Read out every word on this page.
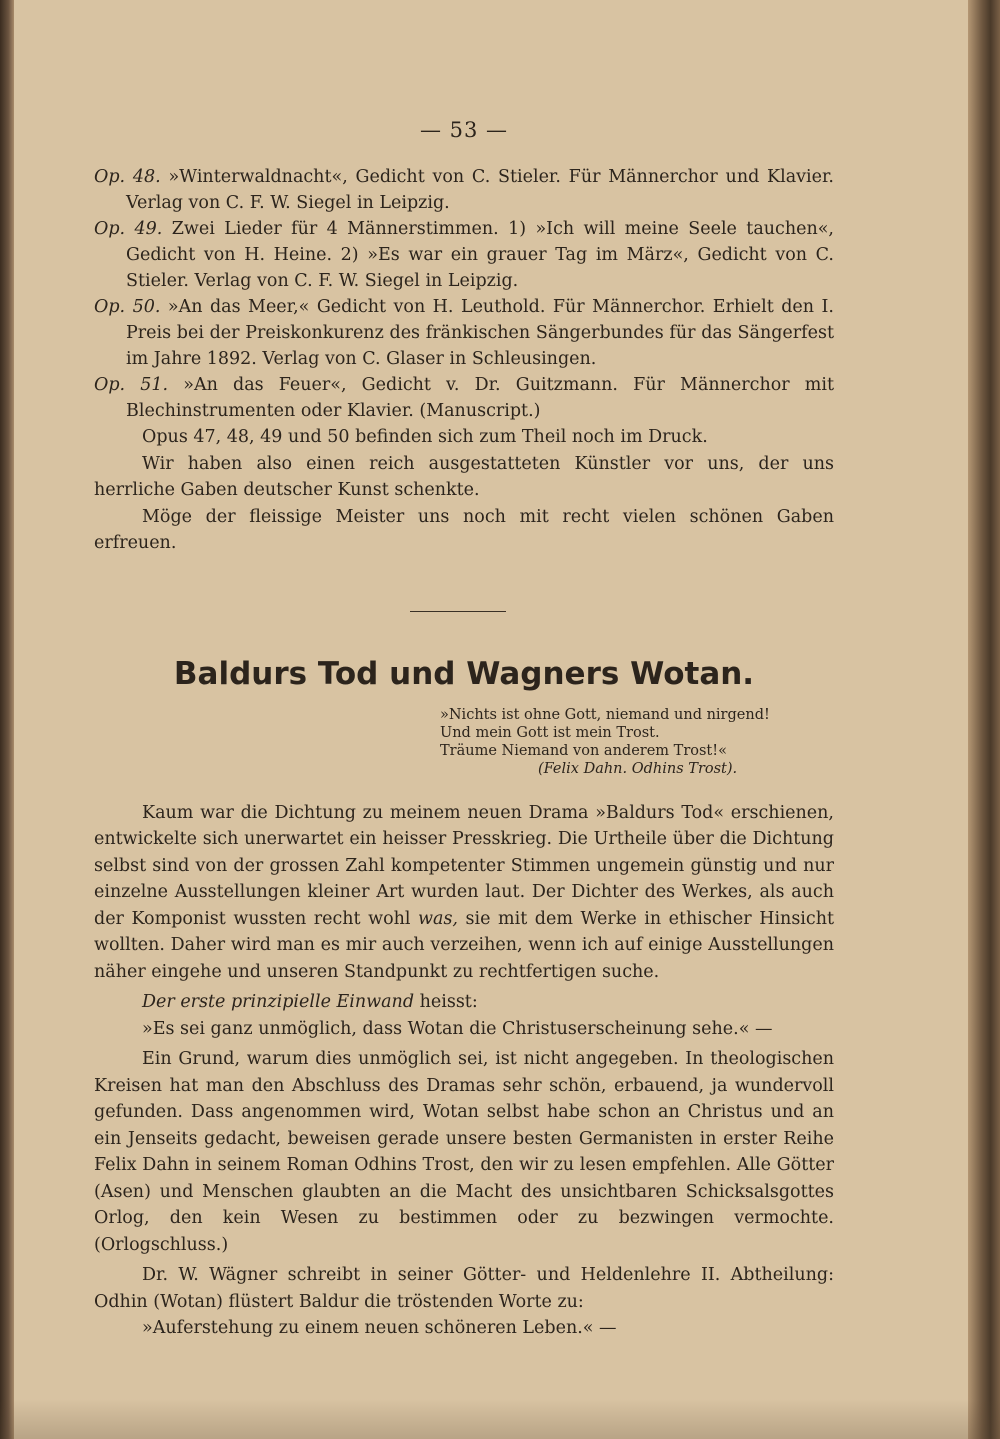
— 53 —

Op. 48. »Winterwaldnacht«, Gedicht von C. Stieler. Für Männerchor und Klavier. Verlag von C. F. W. Siegel in Leipzig.

Op. 49. Zwei Lieder für 4 Männerstimmen. 1) »Ich will meine Seele tauchen«, Gedicht von H. Heine. 2) »Es war ein grauer Tag im März«, Gedicht von C. Stieler. Verlag von C. F. W. Siegel in Leipzig.

Op. 50. »An das Meer,« Gedicht von H. Leuthold. Für Männerchor. Erhielt den I. Preis bei der Preiskonkurenz des fränkischen Sängerbundes für das Sängerfest im Jahre 1892. Verlag von C. Glaser in Schleusingen.

Op. 51. »An das Feuer«, Gedicht v. Dr. Guitzmann. Für Männerchor mit Blechinstrumenten oder Klavier. (Manuscript.)

Opus 47, 48, 49 und 50 befinden sich zum Theil noch im Druck.

Wir haben also einen reich ausgestatteten Künstler vor uns, der uns herrliche Gaben deutscher Kunst schenkte.

Möge der fleissige Meister uns noch mit recht vielen schönen Gaben erfreuen.

Baldurs Tod und Wagners Wotan.
»Nichts ist ohne Gott, niemand und nirgend!
Und mein Gott ist mein Trost.
Träume Niemand von anderem Trost!«
(Felix Dahn. Odhins Trost).

Kaum war die Dichtung zu meinem neuen Drama »Baldurs Tod« erschienen, entwickelte sich unerwartet ein heisser Presskrieg. Die Urtheile über die Dichtung selbst sind von der grossen Zahl kompetenter Stimmen ungemein günstig und nur einzelne Ausstellungen kleiner Art wurden laut. Der Dichter des Werkes, als auch der Komponist wussten recht wohl was, sie mit dem Werke in ethischer Hinsicht wollten. Daher wird man es mir auch verzeihen, wenn ich auf einige Ausstellungen näher eingehe und unseren Standpunkt zu rechtfertigen suche.

Der erste prinzipielle Einwand heisst:

»Es sei ganz unmöglich, dass Wotan die Christuserscheinung sehe.« —

Ein Grund, warum dies unmöglich sei, ist nicht angegeben. In theologischen Kreisen hat man den Abschluss des Dramas sehr schön, erbauend, ja wundervoll gefunden. Dass angenommen wird, Wotan selbst habe schon an Christus und an ein Jenseits gedacht, beweisen gerade unsere besten Germanisten in erster Reihe Felix Dahn in seinem Roman Odhins Trost, den wir zu lesen empfehlen. Alle Götter (Asen) und Menschen glaubten an die Macht des unsichtbaren Schicksalsgottes Orlog, den kein Wesen zu bestimmen oder zu bezwingen vermochte. (Orlogschluss.)

Dr. W. Wägner schreibt in seiner Götter- und Heldenlehre II. Abtheilung: Odhin (Wotan) flüstert Baldur die tröstenden Worte zu:

»Auferstehung zu einem neuen schöneren Leben.« —
